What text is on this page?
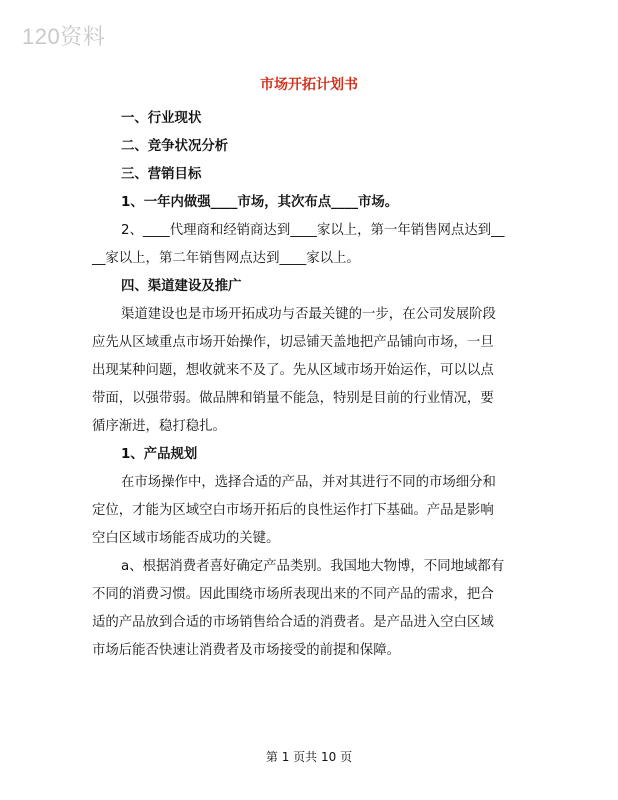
120资料
市场开拓计划书
一、行业现状
二、竞争状况分析
三、营销目标
1、一年内做强____市场，其次布点____市场。
2、____代理商和经销商达到____家以上，第一年销售网点达到__
__家以上，第二年销售网点达到____家以上。
四、渠道建设及推广
渠道建设也是市场开拓成功与否最关键的一步，在公司发展阶段
应先从区域重点市场开始操作，切忌铺天盖地把产品铺向市场，一旦
出现某种问题，想收就来不及了。先从区域市场开始运作，可以以点
带面，以强带弱。做品牌和销量不能急，特别是目前的行业情况，要
循序渐进，稳打稳扎。
1、产品规划
在市场操作中，选择合适的产品，并对其进行不同的市场细分和
定位，才能为区域空白市场开拓后的良性运作打下基础。产品是影响
空白区域市场能否成功的关键。
a、根据消费者喜好确定产品类别。我国地大物博，不同地域都有
不同的消费习惯。因此围绕市场所表现出来的不同产品的需求，把合
适的产品放到合适的市场销售给合适的消费者。是产品进入空白区域
市场后能否快速让消费者及市场接受的前提和保障。
第 1 页共 10 页
